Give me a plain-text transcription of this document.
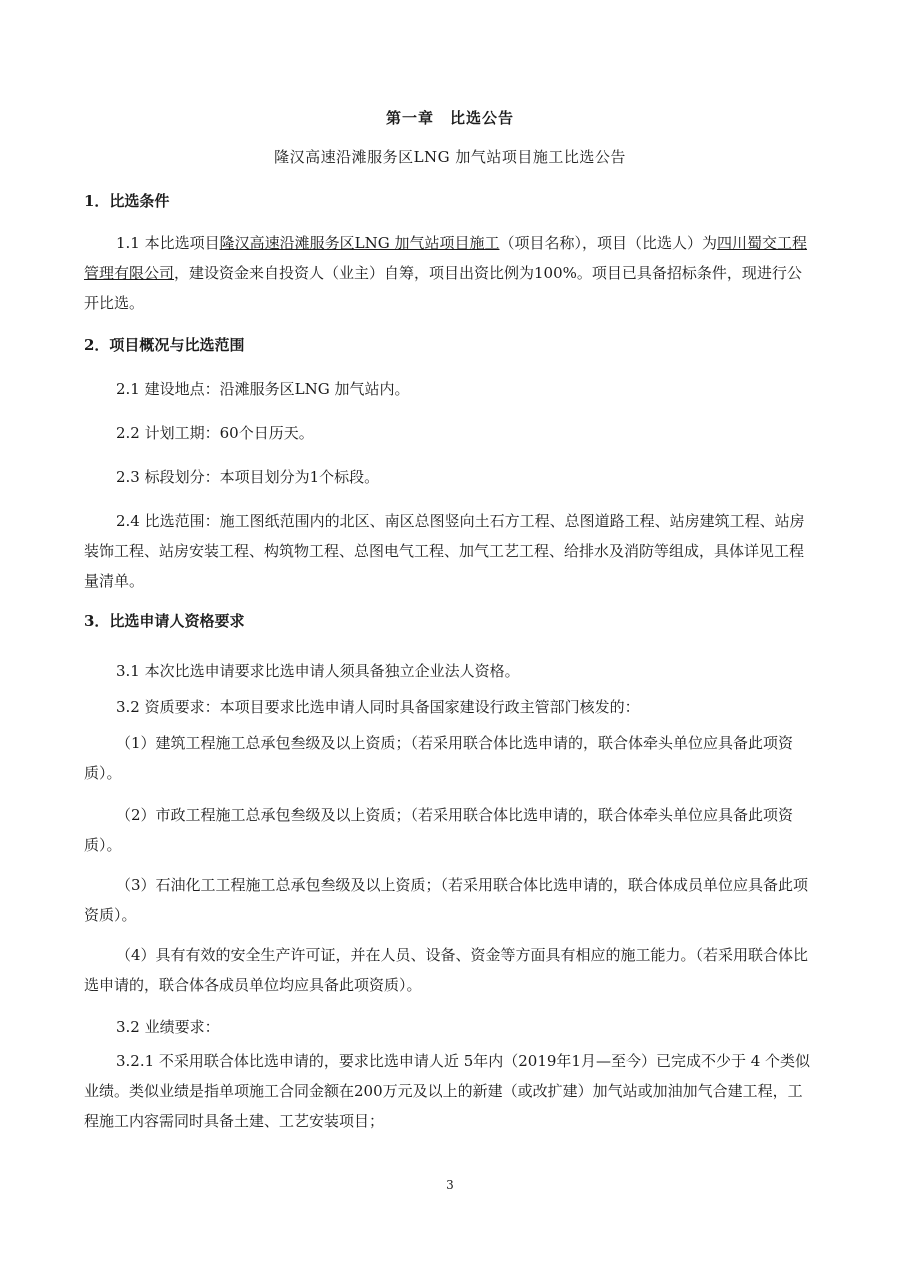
第一章　比选公告
隆汉高速沿滩服务区LNG 加气站项目施工比选公告
1．比选条件
1.1 本比选项目隆汉高速沿滩服务区LNG 加气站项目施工（项目名称），项目（比选人）为四川蜀交工程管理有限公司，建设资金来自投资人（业主）自筹，项目出资比例为100%。项目已具备招标条件，现进行公开比选。
2．项目概况与比选范围
2.1 建设地点：沿滩服务区LNG 加气站内。
2.2 计划工期：60个日历天。
2.3 标段划分：本项目划分为1个标段。
2.4 比选范围：施工图纸范围内的北区、南区总图竖向土石方工程、总图道路工程、站房建筑工程、站房装饰工程、站房安装工程、构筑物工程、总图电气工程、加气工艺工程、给排水及消防等组成，具体详见工程量清单。
3．比选申请人资格要求
3.1 本次比选申请要求比选申请人须具备独立企业法人资格。
3.2 资质要求：本项目要求比选申请人同时具备国家建设行政主管部门核发的：
（1）建筑工程施工总承包叁级及以上资质；（若采用联合体比选申请的，联合体牵头单位应具备此项资质）。
（2）市政工程施工总承包叁级及以上资质；（若采用联合体比选申请的，联合体牵头单位应具备此项资质）。
（3）石油化工工程施工总承包叁级及以上资质；（若采用联合体比选申请的，联合体成员单位应具备此项资质）。
（4）具有有效的安全生产许可证，并在人员、设备、资金等方面具有相应的施工能力。（若采用联合体比选申请的，联合体各成员单位均应具备此项资质）。
3.2 业绩要求：
3.2.1 不采用联合体比选申请的，要求比选申请人近 5年内（2019年1月—至今）已完成不少于 4 个类似业绩。类似业绩是指单项施工合同金额在200万元及以上的新建（或改扩建）加气站或加油加气合建工程，工程施工内容需同时具备土建、工艺安装项目；
3
